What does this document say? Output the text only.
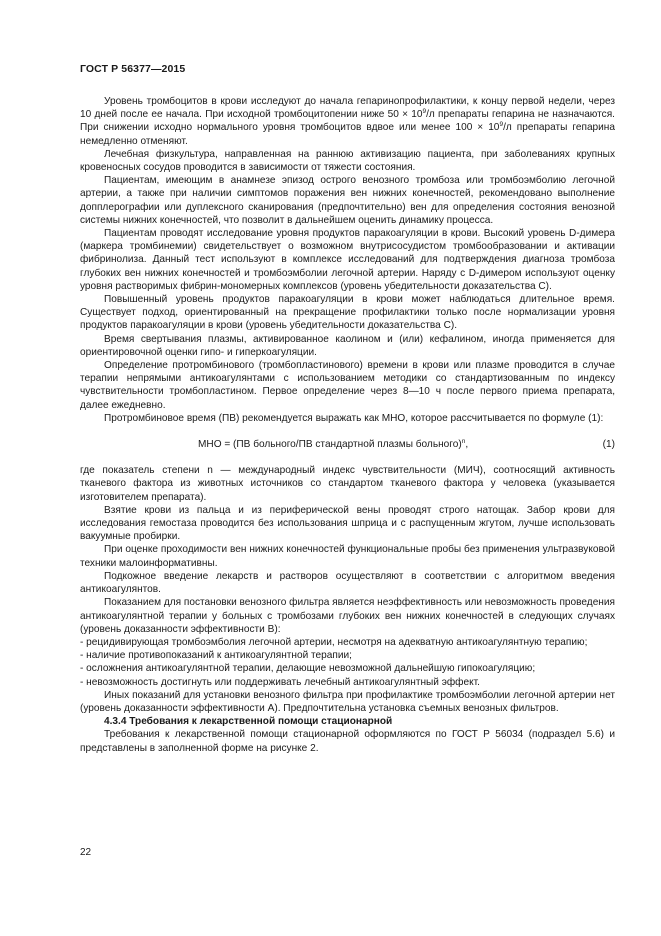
ГОСТ Р 56377—2015

Уровень тромбоцитов в крови исследуют до начала гепаринопрофилактики, к концу первой недели, через 10 дней после ее начала. При исходной тромбоцитопении ниже $50 \times 10^9/л$ препараты гепарина не назначаются. При снижении исходно нормального уровня тромбоцитов вдвое или менее $100 \times 10^9/л$ препараты гепарина немедленно отменяют.

Лечебная физкультура, направленная на раннюю активизацию пациента, при заболеваниях крупных кровеносных сосудов проводится в зависимости от тяжести состояния.

Пациентам, имеющим в анамнезе эпизод острого венозного тромбоза или тромбоэмболию легочной артерии, а также при наличии симптомов поражения вен нижних конечностей, рекомендовано выполнение допплерографии или дуплексного сканирования (предпочтительно) вен для определения состояния венозной системы нижних конечностей, что позволит в дальнейшем оценить динамику процесса.

Пациентам проводят исследование уровня продуктов паракоагуляции в крови. Высокий уровень D-димера (маркера тромбинемии) свидетельствует о возможном внутрисосудистом тромбообразовании и активации фибринолиза. Данный тест используют в комплексе исследований для подтверждения диагноза тромбоза глубоких вен нижних конечностей и тромбоэмболии легочной артерии. Наряду с D-димером используют оценку уровня растворимых фибрин-мономерных комплексов (уровень убедительности доказательства С).

Повышенный уровень продуктов паракоагуляции в крови может наблюдаться длительное время. Существует подход, ориентированный на прекращение профилактики только после нормализации уровня продуктов паракоагуляции в крови (уровень убедительности доказательства С).

Время свертывания плазмы, активированное каолином и (или) кефалином, иногда применяется для ориентировочной оценки гипо- и гиперкоагуляции.

Определение протромбинового (тромбопластинового) времени в крови или плазме проводится в случае терапии непрямыми антикоагулянтами с использованием методики со стандартизованным по индексу чувствительности тромбопластином. Первое определение через 8—10 ч после первого приема препарата, далее ежедневно.

Протромбиновое время (ПВ) рекомендуется выражать как МНО, которое рассчитывается по формуле (1):

МНО = (ПВ больного/ПВ стандартной плазмы больного)$^n$,	(1)

где показатель степени n — международный индекс чувствительности (МИЧ), соотносящий активность тканевого фактора из животных источников со стандартом тканевого фактора у человека (указывается изготовителем препарата).

Взятие крови из пальца и из периферической вены проводят строго натощак. Забор крови для исследования гемостаза проводится без использования шприца и с распущенным жгутом, лучше использовать вакуумные пробирки.

При оценке проходимости вен нижних конечностей функциональные пробы без применения ультразвуковой техники малоинформативны.

Подкожное введение лекарств и растворов осуществляют в соответствии с алгоритмом введения антикоагулянтов.

Показанием для постановки венозного фильтра является неэффективность или невозможность проведения антикоагулянтной терапии у больных с тромбозами глубоких вен нижних конечностей в следующих случаях (уровень доказанности эффективности В):

- рецидивирующая тромбоэмболия легочной артерии, несмотря на адекватную антикоагулянтную терапию;

- наличие противопоказаний к антикоагулянтной терапии;

- осложнения антикоагулянтной терапии, делающие невозможной дальнейшую гипокоагуляцию;

- невозможность достигнуть или поддерживать лечебный антикоагулянтный эффект.

Иных показаний для установки венозного фильтра при профилактике тромбоэмболии легочной артерии нет (уровень доказанности эффективности А). Предпочтительна установка съемных венозных фильтров.

4.3.4 Требования к лекарственной помощи стационарной

Требования к лекарственной помощи стационарной оформляются по ГОСТ Р 56034 (подраздел 5.6) и представлены в заполненной форме на рисунке 2.

22
